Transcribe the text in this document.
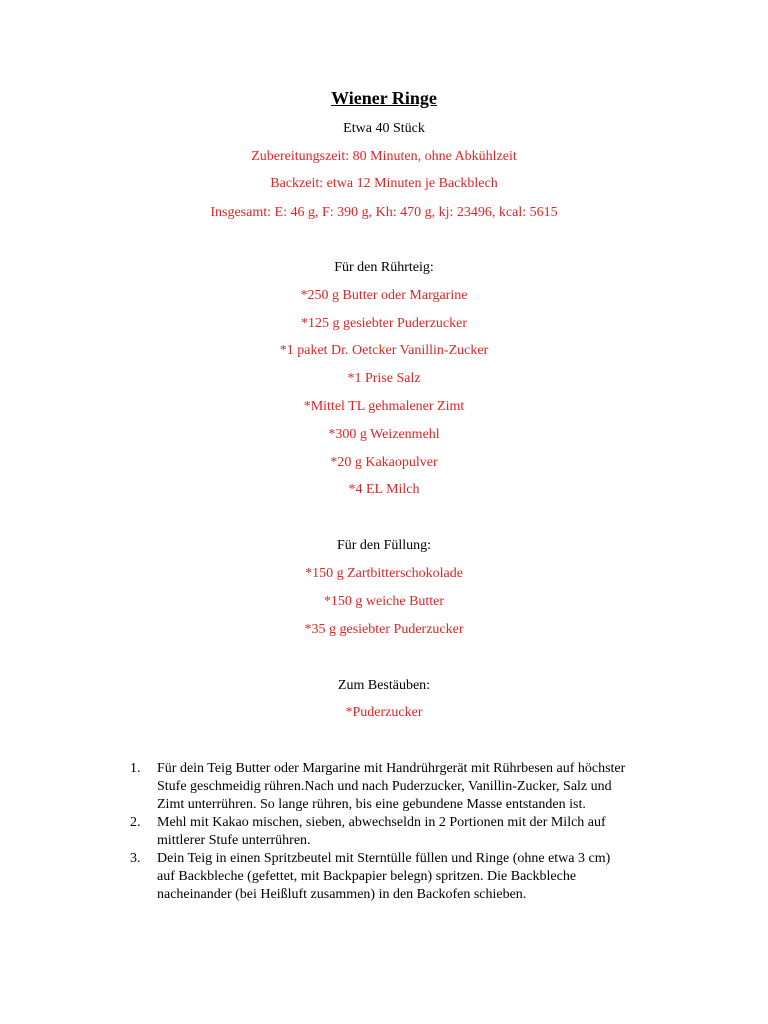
Wiener Ringe
Etwa 40 Stück
Zubereitungszeit: 80 Minuten, ohne Abkühlzeit
Backzeit: etwa 12 Minuten je Backblech
Insgesamt: E: 46 g, F: 390 g, Kh: 470 g, kj: 23496, kcal: 5615
Für den Rührteig:
*250 g Butter oder Margarine
*125 g gesiebter Puderzucker
*1 paket Dr. Oetcker Vanillin-Zucker
*1 Prise Salz
*Mittel TL gehmalener Zimt
*300 g Weizenmehl
*20 g Kakaopulver
*4 EL Milch
Für den Füllung:
*150 g Zartbitterschokolade
*150 g weiche Butter
*35 g gesiebter Puderzucker
Zum Bestäuben:
*Puderzucker
1. Für dein Teig Butter oder Margarine mit Handrührgerät mit Rührbesen auf höchster Stufe geschmeidig rühren.Nach und nach Puderzucker, Vanillin-Zucker, Salz und Zimt unterrühren. So lange rühren, bis eine gebundene Masse entstanden ist.
2. Mehl mit Kakao mischen, sieben, abwechseldn in 2 Portionen mit der Milch auf mittlerer Stufe unterrühren.
3. Dein Teig in einen Spritzbeutel mit Sterntülle füllen und Ringe (ohne etwa 3 cm) auf Backbleche (gefettet, mit Backpapier belegn) spritzen. Die Backbleche nacheinander (bei Heißluft zusammen) in den Backofen schieben.
